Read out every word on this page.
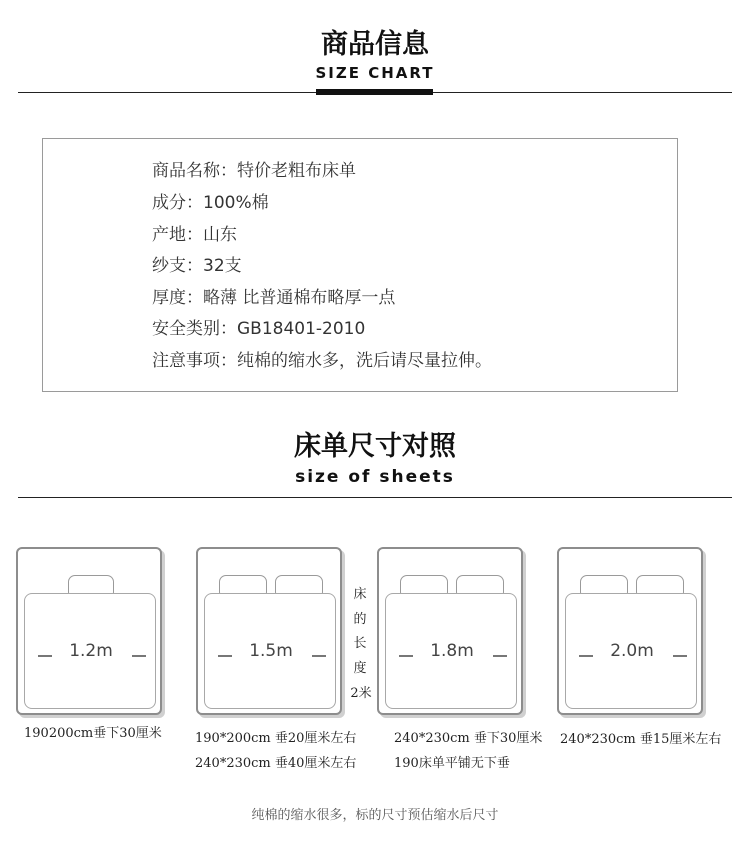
商品信息
SIZE CHART
商品名称：特价老粗布床单
成分：100%棉
产地：山东
纱支：32支
厚度：略薄 比普通棉布略厚一点
安全类别：GB18401-2010
注意事项：纯棉的缩水多，洗后请尽量拉伸。
床单尺寸对照
size of sheets
1.2m	1.5m
床
的
长
度
2米
1.8m	2.0m
190200cm垂下30厘米	190*200cm 垂20厘米左右
240*230cm 垂40厘米左右
240*230cm 垂下30厘米
190床单平铺无下垂
240*230cm 垂15厘米左右
纯棉的缩水很多，标的尺寸预估缩水后尺寸
